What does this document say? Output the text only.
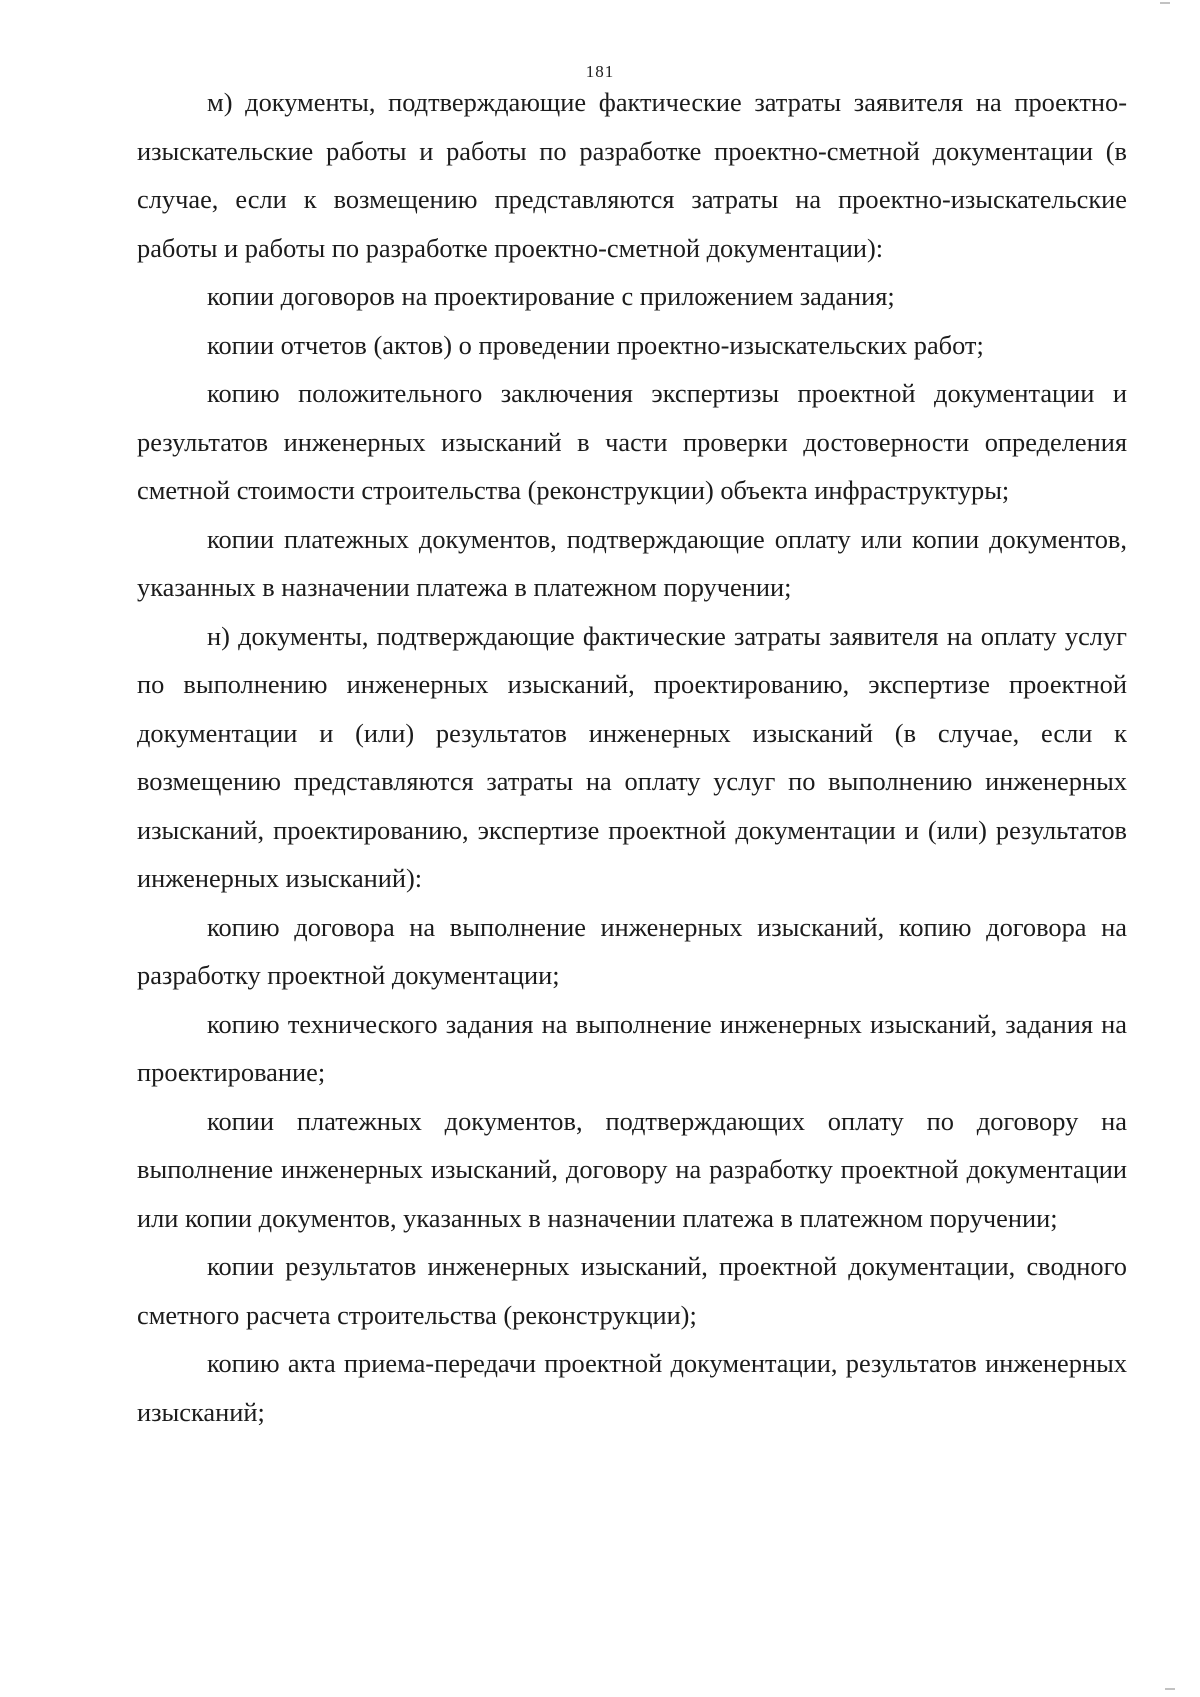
181

м) документы, подтверждающие фактические затраты заявителя на проектно-изыскательские работы и работы по разработке проектно-сметной документации (в случае, если к возмещению представляются затраты на проектно-изыскательские работы и работы по разработке проектно-сметной документации):

копии договоров на проектирование с приложением задания;

копии отчетов (актов) о проведении проектно-изыскательских работ;

копию положительного заключения экспертизы проектной документации и результатов инженерных изысканий в части проверки достоверности определения сметной стоимости строительства (реконструкции) объекта инфраструктуры;

копии платежных документов, подтверждающие оплату или копии документов, указанных в назначении платежа в платежном поручении;

н) документы, подтверждающие фактические затраты заявителя на оплату услуг по выполнению инженерных изысканий, проектированию, экспертизе проектной документации и (или) результатов инженерных изысканий (в случае, если к возмещению представляются затраты на оплату услуг по выполнению инженерных изысканий, проектированию, экспертизе проектной документации и (или) результатов инженерных изысканий):

копию договора на выполнение инженерных изысканий, копию договора на разработку проектной документации;

копию технического задания на выполнение инженерных изысканий, задания на проектирование;

копии платежных документов, подтверждающих оплату по договору на выполнение инженерных изысканий, договору на разработку проектной документации или копии документов, указанных в назначении платежа в платежном поручении;

копии результатов инженерных изысканий, проектной документации, сводного сметного расчета строительства (реконструкции);

копию акта приема-передачи проектной документации, результатов инженерных изысканий;
